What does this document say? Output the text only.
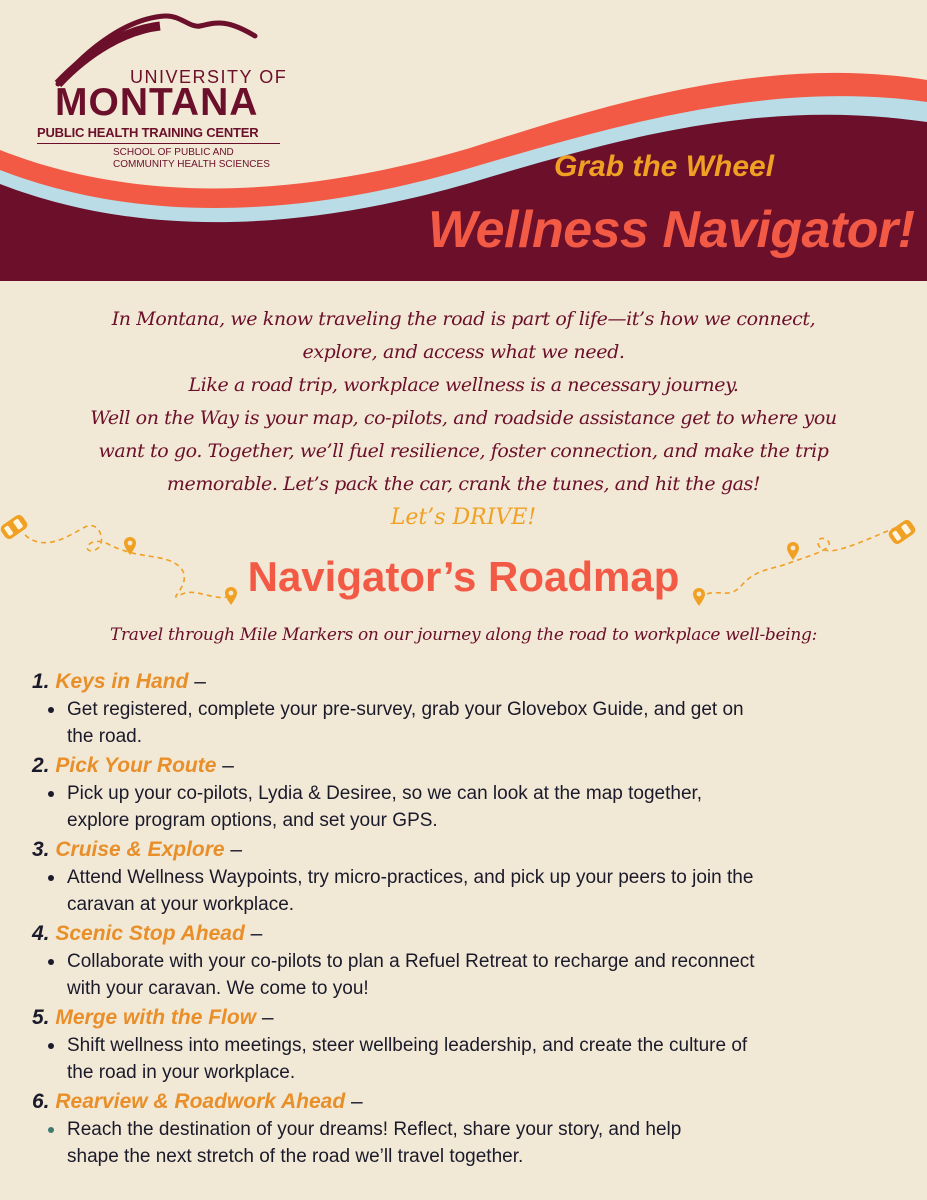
UNIVERSITY OF
MONTANA
PUBLIC HEALTH TRAINING CENTER
SCHOOL OF PUBLIC AND
COMMUNITY HEALTH SCIENCES	Grab the Wheel
Wellness Navigator!

In Montana, we know traveling the road is part of life—it’s how we connect,

explore, and access what we need.

Like a road trip, workplace wellness is a necessary journey.

Well on the Way is your map, co-pilots, and roadside assistance get to where you

want to go. Together, we’ll fuel resilience, foster connection, and make the trip

memorable. Let’s pack the car, crank the tunes, and hit the gas!

Let’s DRIVE!
Navigator’s Roadmap
Travel through Mile Markers on our journey along the road to workplace well-being:
1. Keys in Hand –
Get registered, complete your pre-survey, grab your Glovebox Guide, and get on
the road.
2. Pick Your Route –
Pick up your co-pilots, Lydia & Desiree, so we can look at the map together,
explore program options, and set your GPS.
3. Cruise & Explore –
Attend Wellness Waypoints, try micro-practices, and pick up your peers to join the
caravan at your workplace.
4. Scenic Stop Ahead –
Collaborate with your co-pilots to plan a Refuel Retreat to recharge and reconnect
with your caravan. We come to you!
5. Merge with the Flow –
Shift wellness into meetings, steer wellbeing leadership, and create the culture of
the road in your workplace.
6. Rearview & Roadwork Ahead –
Reach the destination of your dreams! Reflect, share your story, and help
shape the next stretch of the road we’ll travel together.
